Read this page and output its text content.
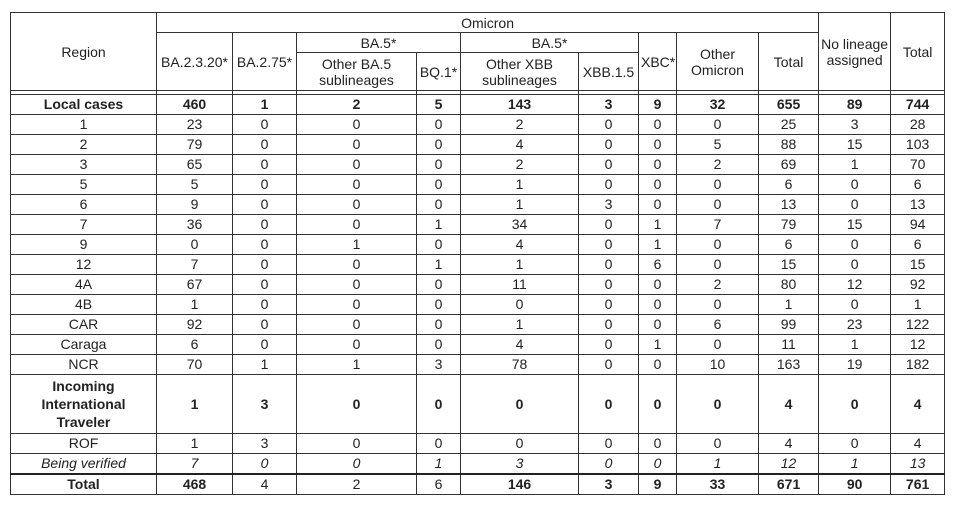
Region	Omicron									No lineage assigned	Total
	BA.2.3.20*	BA.2.75*	BA.5*		BA.5*		XBC*	Other Omicron	Total		
			Other BA.5 sublineages	BQ.1*	Other XBB sublineages	XBB.1.5					

Local cases	460	1	2	5	143	3	9	32	655	89	744
1	23	0	0	0	2	0	0	0	25	3	28
2	79	0	0	0	4	0	0	5	88	15	103
3	65	0	0	0	2	0	0	2	69	1	70
5	5	0	0	0	1	0	0	0	6	0	6
6	9	0	0	0	1	3	0	0	13	0	13
7	36	0	0	1	34	0	1	7	79	15	94
9	0	0	1	0	4	0	1	0	6	0	6
12	7	0	0	1	1	0	6	0	15	0	15
4A	67	0	0	0	11	0	0	2	80	12	92
4B	1	0	0	0	0	0	0	0	1	0	1
CAR	92	0	0	0	1	0	0	6	99	23	122
Caraga	6	0	0	0	4	0	1	0	11	1	12
NCR	70	1	1	3	78	0	0	10	163	19	182
Incoming International Traveler	1	3	0	0	0	0	0	0	4	0	4
ROF	1	3	0	0	0	0	0	0	4	0	4
Being verified	7	0	0	1	3	0	0	1	12	1	13
Total	468	4	2	6	146	3	9	33	671	90	761
